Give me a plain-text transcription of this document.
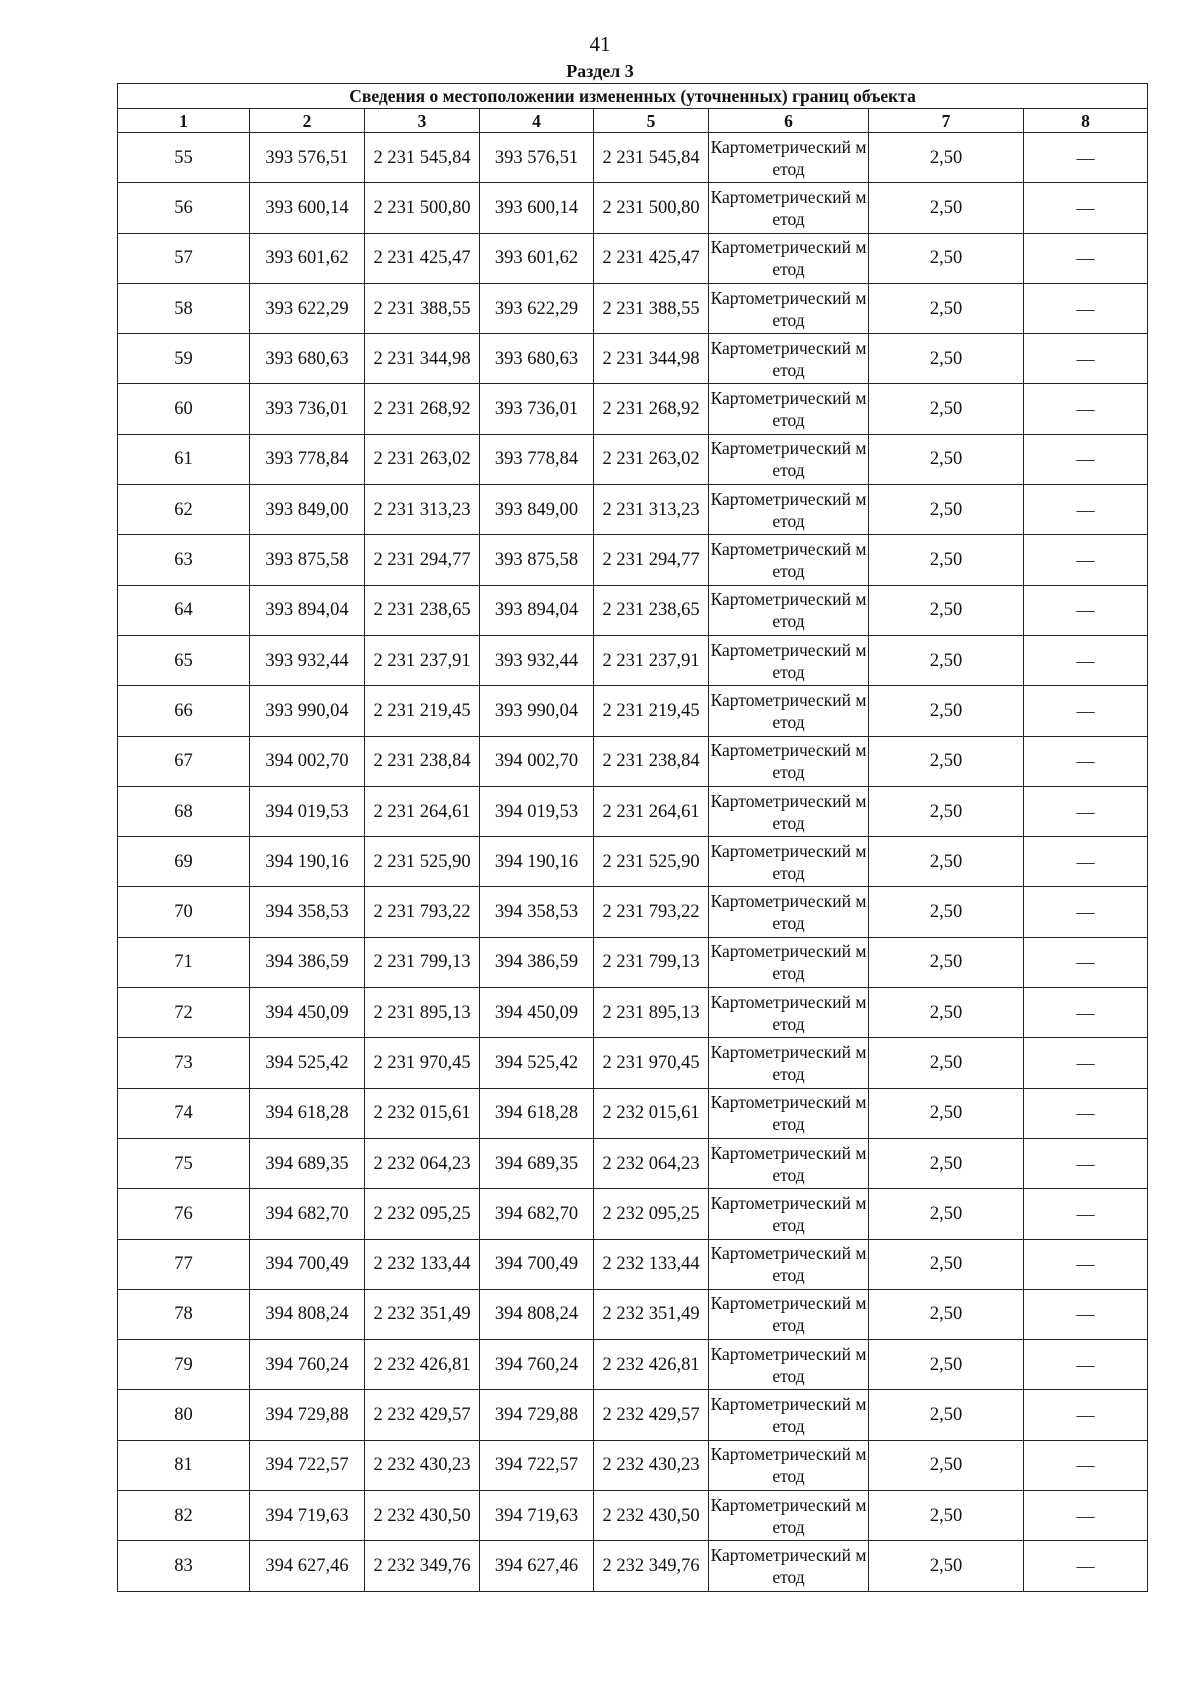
41
Раздел 3
Сведения о местоположении измененных (уточненных) границ объекта							
1	2	3	4	5	6	7	8
55	393 576,51	2 231 545,84	393 576,51	2 231 545,84	Картометрический метод	2,50	—
56	393 600,14	2 231 500,80	393 600,14	2 231 500,80	Картометрический метод	2,50	—
57	393 601,62	2 231 425,47	393 601,62	2 231 425,47	Картометрический метод	2,50	—
58	393 622,29	2 231 388,55	393 622,29	2 231 388,55	Картометрический метод	2,50	—
59	393 680,63	2 231 344,98	393 680,63	2 231 344,98	Картометрический метод	2,50	—
60	393 736,01	2 231 268,92	393 736,01	2 231 268,92	Картометрический метод	2,50	—
61	393 778,84	2 231 263,02	393 778,84	2 231 263,02	Картометрический метод	2,50	—
62	393 849,00	2 231 313,23	393 849,00	2 231 313,23	Картометрический метод	2,50	—
63	393 875,58	2 231 294,77	393 875,58	2 231 294,77	Картометрический метод	2,50	—
64	393 894,04	2 231 238,65	393 894,04	2 231 238,65	Картометрический метод	2,50	—
65	393 932,44	2 231 237,91	393 932,44	2 231 237,91	Картометрический метод	2,50	—
66	393 990,04	2 231 219,45	393 990,04	2 231 219,45	Картометрический метод	2,50	—
67	394 002,70	2 231 238,84	394 002,70	2 231 238,84	Картометрический метод	2,50	—
68	394 019,53	2 231 264,61	394 019,53	2 231 264,61	Картометрический метод	2,50	—
69	394 190,16	2 231 525,90	394 190,16	2 231 525,90	Картометрический метод	2,50	—
70	394 358,53	2 231 793,22	394 358,53	2 231 793,22	Картометрический метод	2,50	—
71	394 386,59	2 231 799,13	394 386,59	2 231 799,13	Картометрический метод	2,50	—
72	394 450,09	2 231 895,13	394 450,09	2 231 895,13	Картометрический метод	2,50	—
73	394 525,42	2 231 970,45	394 525,42	2 231 970,45	Картометрический метод	2,50	—
74	394 618,28	2 232 015,61	394 618,28	2 232 015,61	Картометрический метод	2,50	—
75	394 689,35	2 232 064,23	394 689,35	2 232 064,23	Картометрический метод	2,50	—
76	394 682,70	2 232 095,25	394 682,70	2 232 095,25	Картометрический метод	2,50	—
77	394 700,49	2 232 133,44	394 700,49	2 232 133,44	Картометрический метод	2,50	—
78	394 808,24	2 232 351,49	394 808,24	2 232 351,49	Картометрический метод	2,50	—
79	394 760,24	2 232 426,81	394 760,24	2 232 426,81	Картометрический метод	2,50	—
80	394 729,88	2 232 429,57	394 729,88	2 232 429,57	Картометрический метод	2,50	—
81	394 722,57	2 232 430,23	394 722,57	2 232 430,23	Картометрический метод	2,50	—
82	394 719,63	2 232 430,50	394 719,63	2 232 430,50	Картометрический метод	2,50	—
83	394 627,46	2 232 349,76	394 627,46	2 232 349,76	Картометрический метод	2,50	—
